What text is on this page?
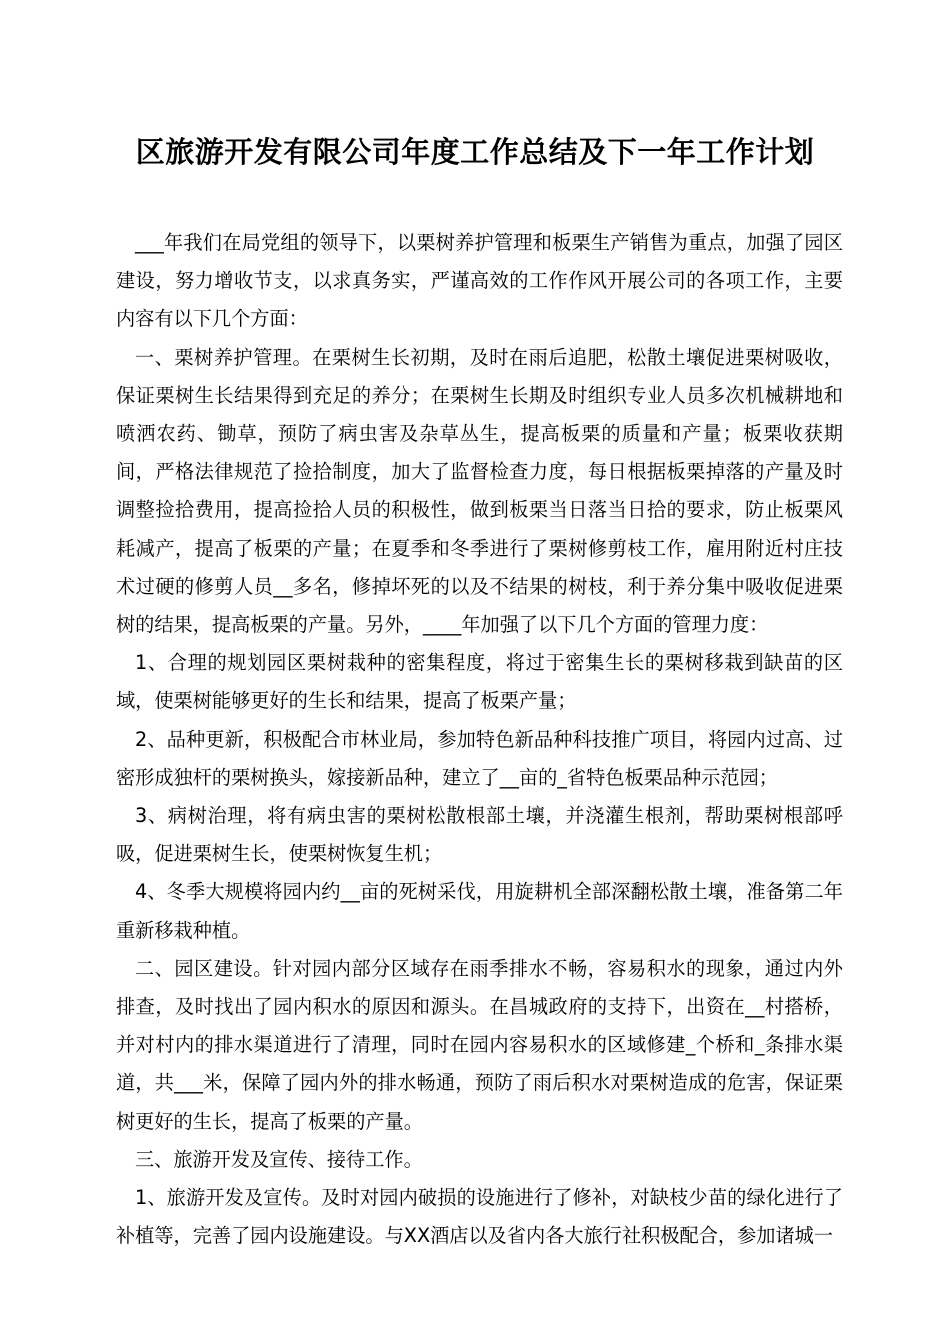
区旅游开发有限公司年度工作总结及下一年工作计划

___年我们在局党组的领导下，以栗树养护管理和板栗生产销售为重点，加强了园区建设，努力增收节支，以求真务实，严谨高效的工作作风开展公司的各项工作，主要内容有以下几个方面：

一、栗树养护管理。在栗树生长初期，及时在雨后追肥，松散土壤促进栗树吸收，保证栗树生长结果得到充足的养分；在栗树生长期及时组织专业人员多次机械耕地和喷洒农药、锄草，预防了病虫害及杂草丛生，提高板栗的质量和产量；板栗收获期间，严格法律规范了捡拾制度，加大了监督检查力度，每日根据板栗掉落的产量及时调整捡拾费用，提高捡拾人员的积极性，做到板栗当日落当日拾的要求，防止板栗风耗减产，提高了板栗的产量；在夏季和冬季进行了栗树修剪枝工作，雇用附近村庄技术过硬的修剪人员__多名，修掉坏死的以及不结果的树枝，利于养分集中吸收促进栗树的结果，提高板栗的产量。另外，____年加强了以下几个方面的管理力度：

1、合理的规划园区栗树栽种的密集程度，将过于密集生长的栗树移栽到缺苗的区域，使栗树能够更好的生长和结果，提高了板栗产量；

2、品种更新，积极配合市林业局，参加特色新品种科技推广项目，将园内过高、过密形成独杆的栗树换头，嫁接新品种，建立了__亩的_省特色板栗品种示范园；

3、病树治理，将有病虫害的栗树松散根部土壤，并浇灌生根剂，帮助栗树根部呼吸，促进栗树生长，使栗树恢复生机；

4、冬季大规模将园内约__亩的死树采伐，用旋耕机全部深翻松散土壤，准备第二年重新移栽种植。

二、园区建设。针对园内部分区域存在雨季排水不畅，容易积水的现象，通过内外排查，及时找出了园内积水的原因和源头。在昌城政府的支持下，出资在__村搭桥，并对村内的排水渠道进行了清理，同时在园内容易积水的区域修建_个桥和_条排水渠道，共___米，保障了园内外的排水畅通，预防了雨后积水对栗树造成的危害，保证栗树更好的生长，提高了板栗的产量。

三、旅游开发及宣传、接待工作。

1、旅游开发及宣传。及时对园内破损的设施进行了修补，对缺枝少苗的绿化进行了补植等，完善了园内设施建设。与XX酒店以及省内各大旅行社积极配合，参加诸城一
